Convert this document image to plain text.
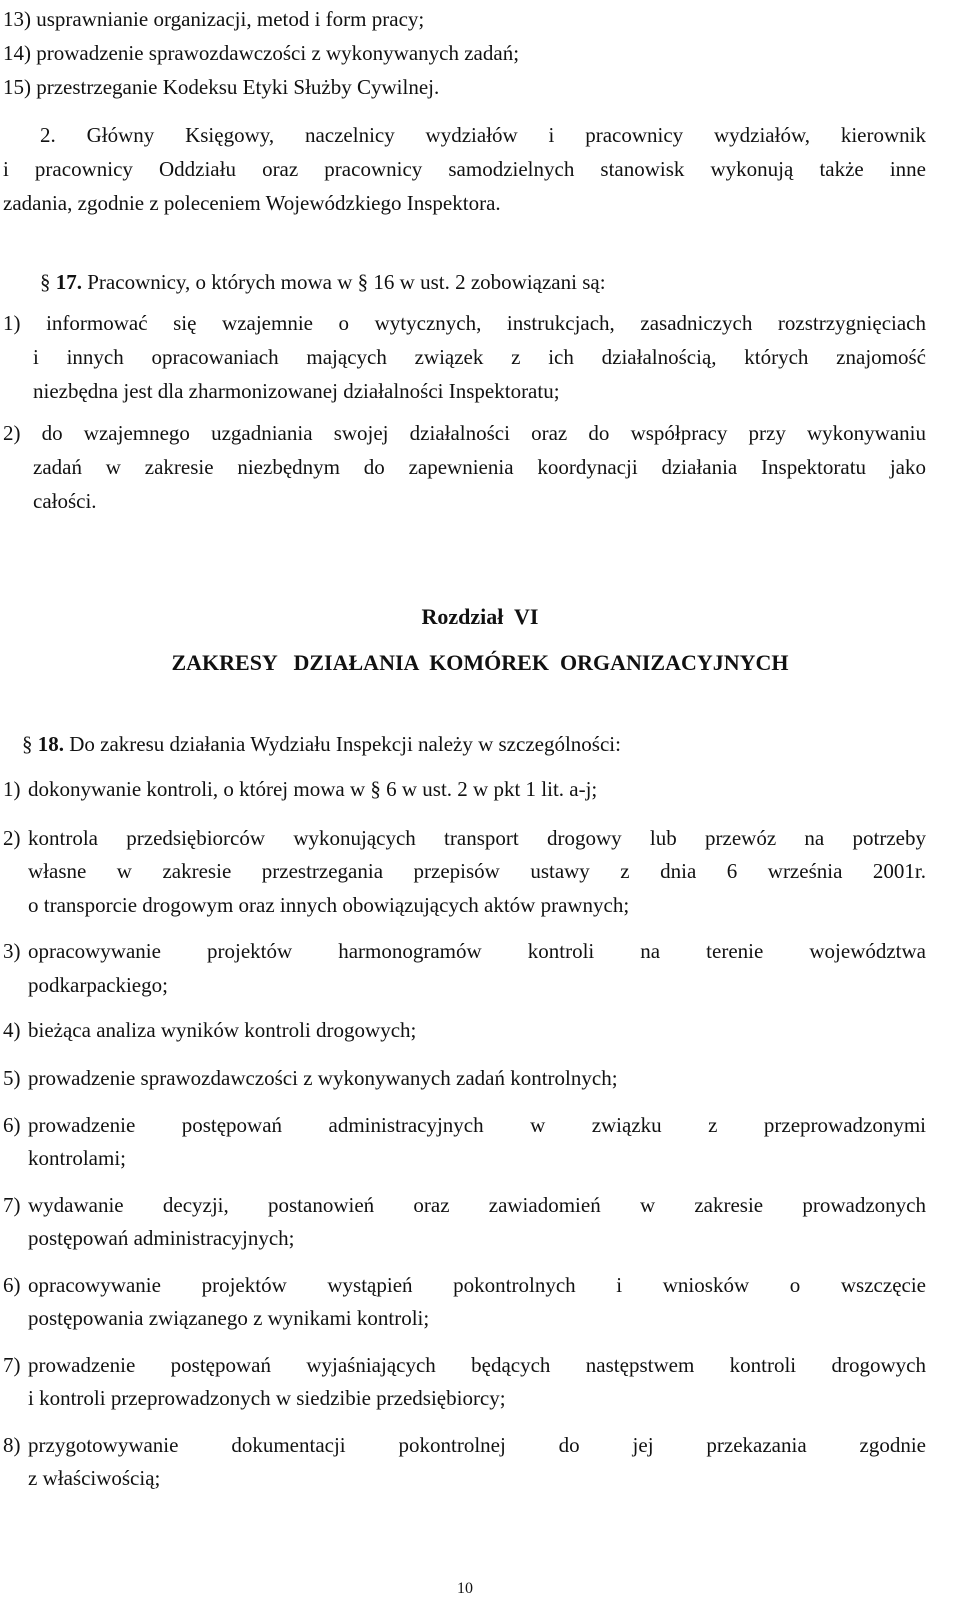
13) usprawnianie organizacji, metod i form pracy;
14) prowadzenie sprawozdawczości z wykonywanych zadań;
15) przestrzeganie Kodeksu Etyki Służby Cywilnej.
2. Główny Księgowy, naczelnicy wydziałów i pracownicy wydziałów, kierownik
i pracownicy Oddziału oraz pracownicy samodzielnych stanowisk wykonują także inne
zadania, zgodnie z poleceniem Wojewódzkiego Inspektora.
§ 17. Pracownicy, o których mowa w § 16 w ust. 2 zobowiązani są:
1) informować się wzajemnie o wytycznych, instrukcjach, zasadniczych rozstrzygnięciach
i innych opracowaniach mających związek z ich działalnością, których znajomość
niezbędna jest dla zharmonizowanej działalności Inspektoratu;
2) do wzajemnego uzgadniania swojej działalności oraz do współpracy przy wykonywaniu
zadań w zakresie niezbędnym do zapewnienia koordynacji działania Inspektoratu jako
całości.
Rozdział  VI
ZAKRESY   DZIAŁANIA  KOMÓREK  ORGANIZACYJNYCH
§ 18. Do zakresu działania Wydziału Inspekcji należy w szczególności:
1) dokonywanie kontroli, o której mowa w § 6 w ust. 2 w pkt 1 lit. a-j;
2) kontrola przedsiębiorców wykonujących transport drogowy lub przewóz na potrzeby
własne w zakresie przestrzegania przepisów ustawy z dnia 6 września 2001r.
o transporcie drogowym oraz innych obowiązujących aktów prawnych;
3) opracowywanie projektów harmonogramów kontroli na terenie województwa
podkarpackiego;
4) bieżąca analiza wyników kontroli drogowych;
5) prowadzenie sprawozdawczości z wykonywanych zadań kontrolnych;
6) prowadzenie postępowań administracyjnych w związku z przeprowadzonymi
kontrolami;
7) wydawanie decyzji, postanowień oraz zawiadomień w zakresie prowadzonych
postępowań administracyjnych;
6) opracowywanie projektów wystąpień pokontrolnych i wniosków o wszczęcie
postępowania związanego z wynikami kontroli;
7) prowadzenie postępowań wyjaśniających będących następstwem kontroli drogowych
i kontroli przeprowadzonych w siedzibie przedsiębiorcy;
8) przygotowywanie dokumentacji pokontrolnej do jej przekazania zgodnie
z właściwością;
10
